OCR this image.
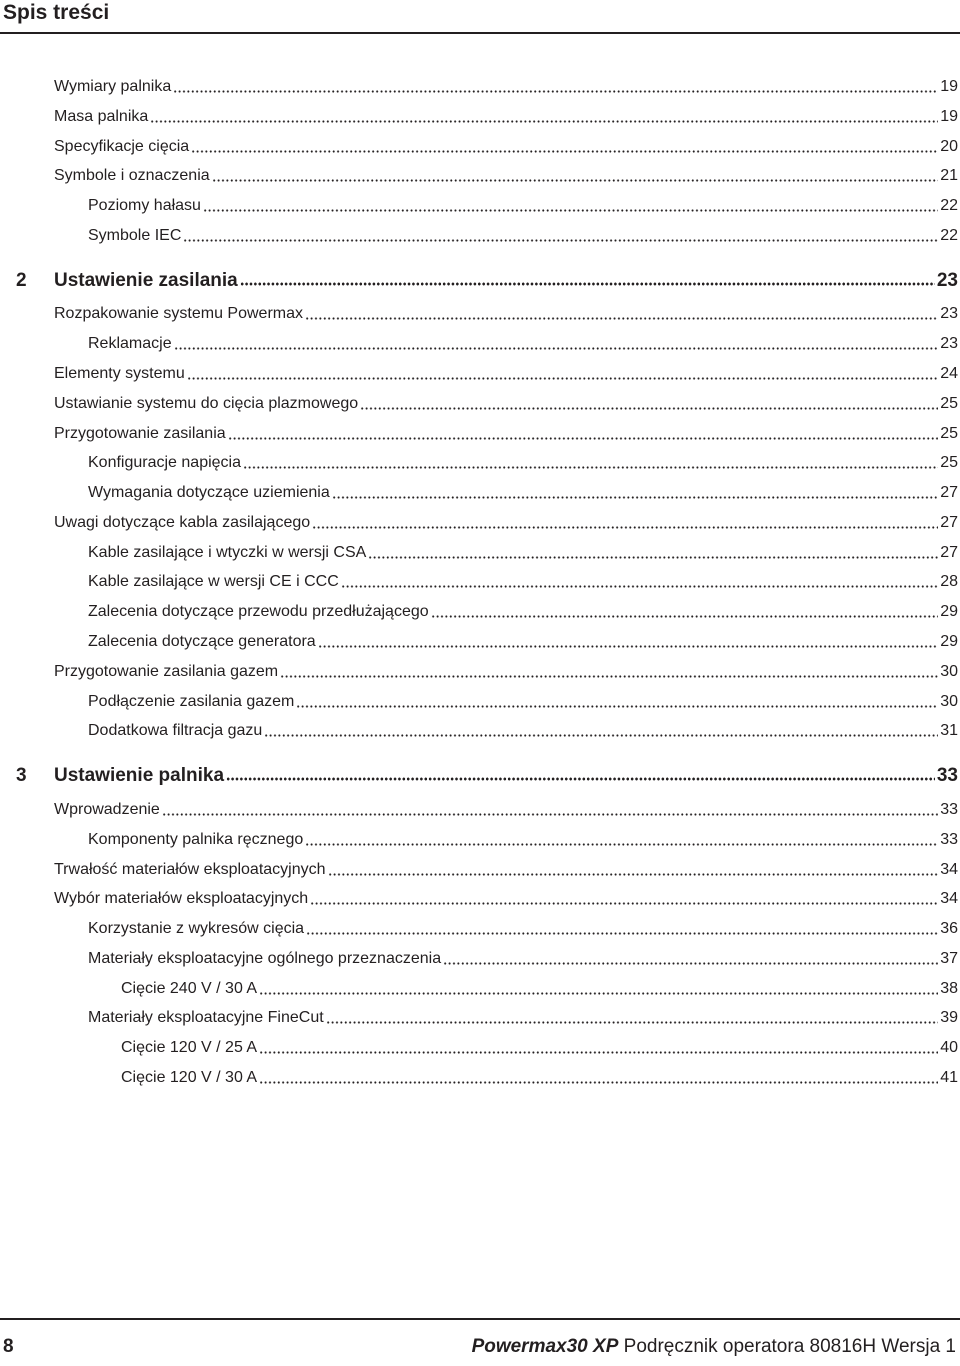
Spis treści
Wymiary palnika	19
Masa palnika	19
Specyfikacje cięcia	20
Symbole i oznaczenia	21
Poziomy hałasu	22
Symbole IEC	22
2	Ustawienie zasilania	23
Rozpakowanie systemu Powermax	23
Reklamacje	23
Elementy systemu	24
Ustawianie systemu do cięcia plazmowego	25
Przygotowanie zasilania	25
Konfiguracje napięcia	25
Wymagania dotyczące uziemienia	27
Uwagi dotyczące kabla zasilającego	27
Kable zasilające i wtyczki w wersji CSA	27
Kable zasilające w wersji CE i CCC	28
Zalecenia dotyczące przewodu przedłużającego	29
Zalecenia dotyczące generatora	29
Przygotowanie zasilania gazem	30
Podłączenie zasilania gazem	30
Dodatkowa filtracja gazu	31
3	Ustawienie palnika	33
Wprowadzenie	33
Komponenty palnika ręcznego	33
Trwałość materiałów eksploatacyjnych	34
Wybór materiałów eksploatacyjnych	34
Korzystanie z wykresów cięcia	36
Materiały eksploatacyjne ogólnego przeznaczenia	37
Cięcie 240 V / 30 A	38
Materiały eksploatacyjne FineCut	39
Cięcie 120 V / 25 A	40
Cięcie 120 V / 30 A	41
8	Powermax30 XP Podręcznik operatora 80816H Wersja 1
